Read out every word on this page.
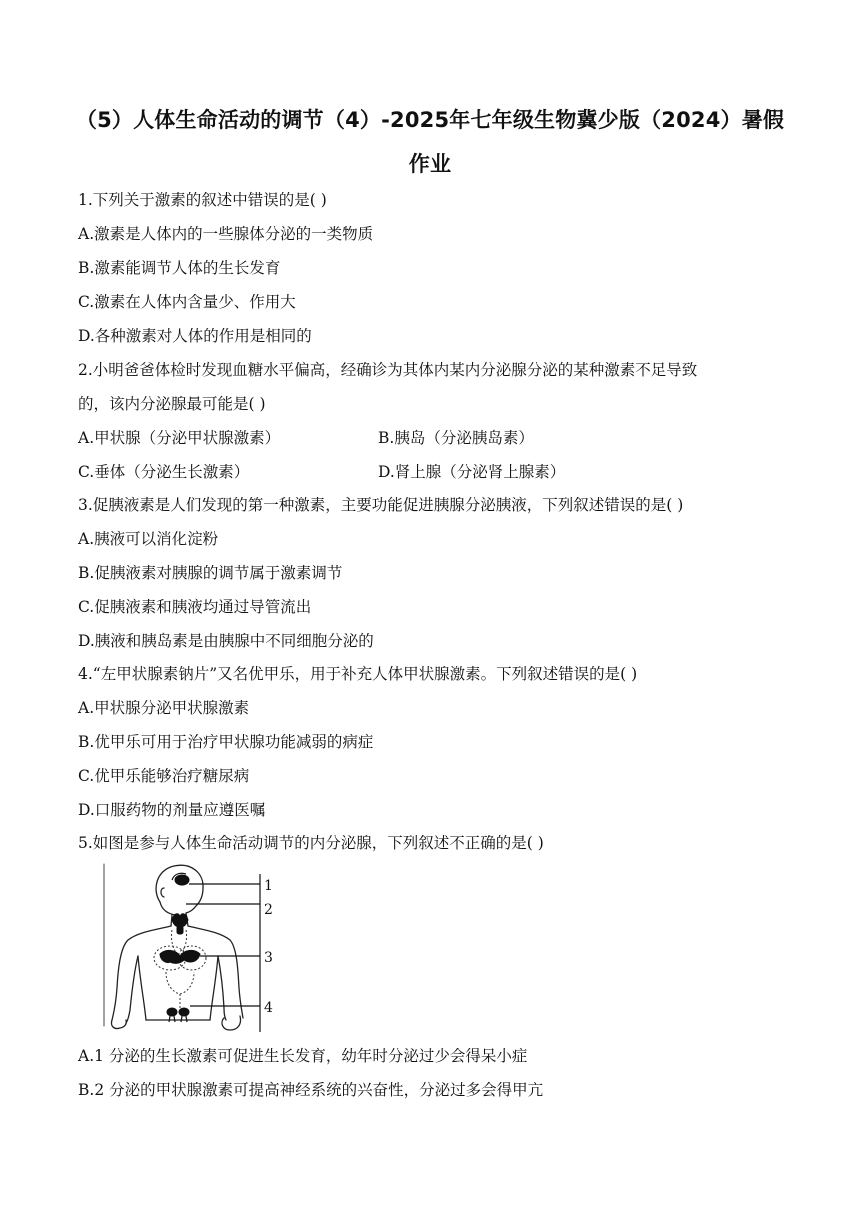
（5）人体生命活动的调节（4）-2025年七年级生物冀少版（2024）暑假
作业
1.下列关于激素的叙述中错误的是( )
A.激素是人体内的一些腺体分泌的一类物质
B.激素能调节人体的生长发育
C.激素在人体内含量少、作用大
D.各种激素对人体的作用是相同的
2.小明爸爸体检时发现血糖水平偏高，经确诊为其体内某内分泌腺分泌的某种激素不足导致
的，该内分泌腺最可能是( )
A.甲状腺（分泌甲状腺激素）	B.胰岛（分泌胰岛素）
C.垂体（分泌生长激素）	D.肾上腺（分泌肾上腺素）
3.促胰液素是人们发现的第一种激素，主要功能促进胰腺分泌胰液，下列叙述错误的是( )
A.胰液可以消化淀粉
B.促胰液素对胰腺的调节属于激素调节
C.促胰液素和胰液均通过导管流出
D.胰液和胰岛素是由胰腺中不同细胞分泌的
4.“左甲状腺素钠片”又名优甲乐，用于补充人体甲状腺激素。下列叙述错误的是( )
A.甲状腺分泌甲状腺激素
B.优甲乐可用于治疗甲状腺功能减弱的病症
C.优甲乐能够治疗糖尿病
D.口服药物的剂量应遵医嘱
5.如图是参与人体生命活动调节的内分泌腺，下列叙述不正确的是( )
1
2
3
4
A.1 分泌的生长激素可促进生长发育，幼年时分泌过少会得呆小症
B.2 分泌的甲状腺激素可提高神经系统的兴奋性，分泌过多会得甲亢
